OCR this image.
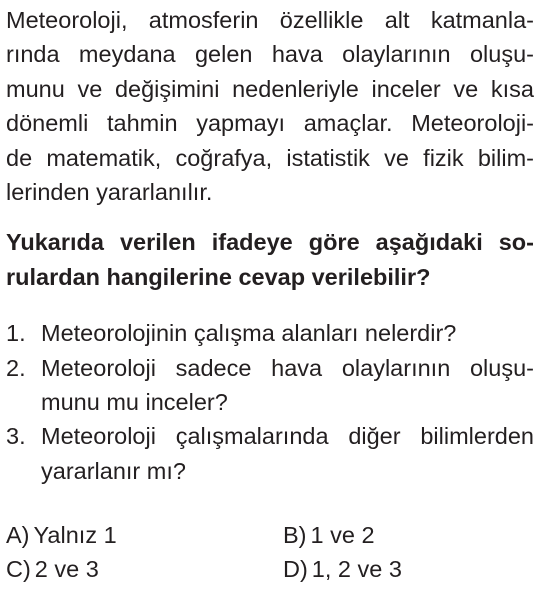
Meteoroloji, atmosferin özellikle alt katmanla-
rında meydana gelen hava olaylarının oluşu-
munu ve değişimini nedenleriyle inceler ve kısa
dönemli tahmin yapmayı amaçlar. Meteoroloji-
de matematik, coğrafya, istatistik ve fizik bilim-
lerinden yararlanılır.
Yukarıda verilen ifadeye göre aşağıdaki so-
rulardan hangilerine cevap verilebilir?
1. Meteorolojinin çalışma alanları nelerdir?
2. Meteoroloji sadece hava olaylarının oluşu-
munu mu inceler?
3. Meteoroloji çalışmalarında diğer bilimlerden
yararlanır mı?
A) Yalnız 1	B) 1 ve 2
C) 2 ve 3	D) 1, 2 ve 3
